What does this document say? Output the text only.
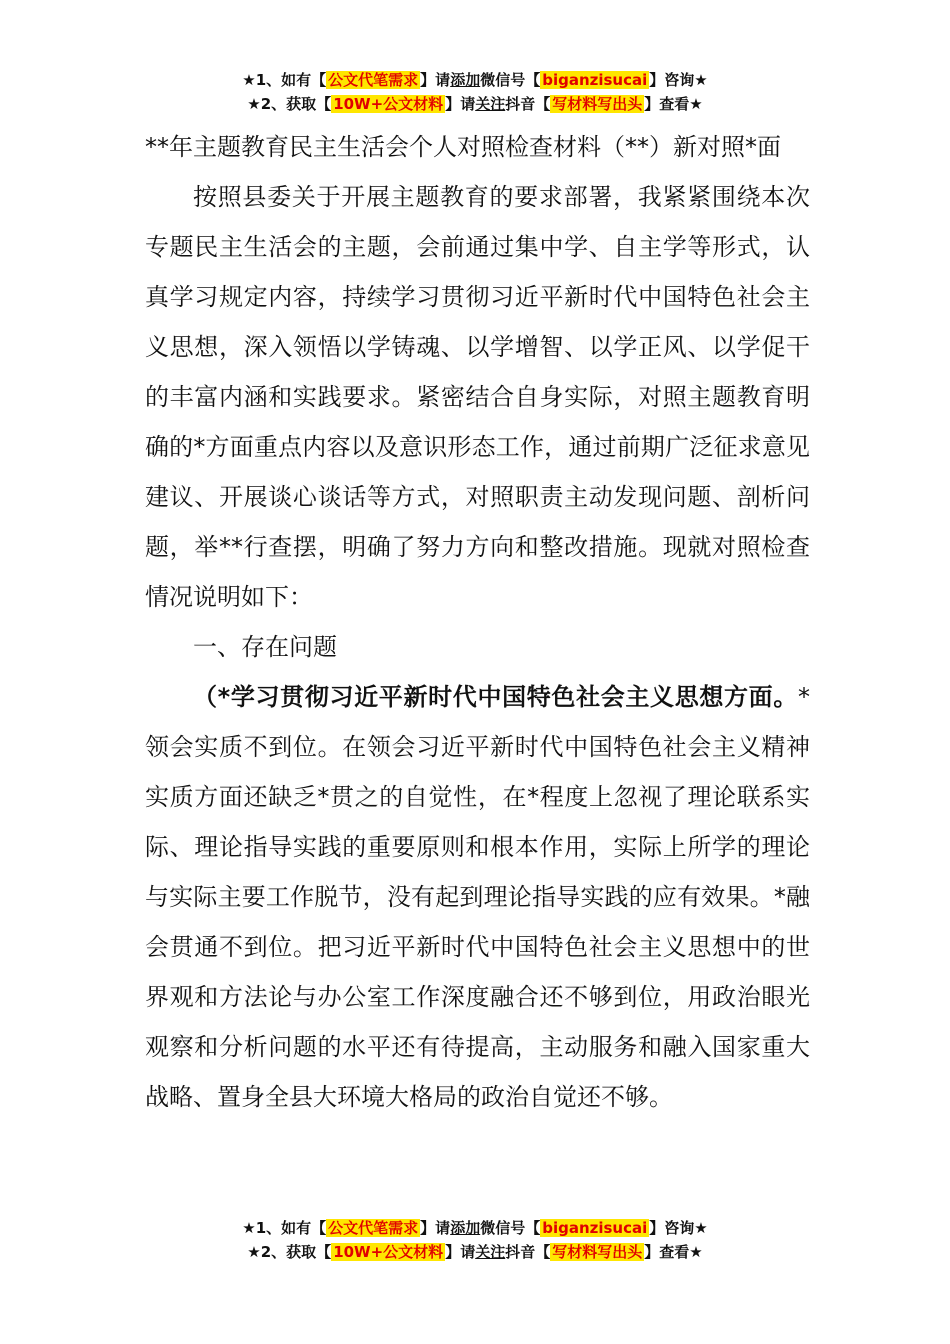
★1、如有【 公文代笔需求 】请添加微信号【 biganzisucai 】咨询★
★2、获取【 10W+公文材料 】请关注抖音【 写材料写出头 】查看★

**年主题教育民主生活会个人对照检查材料（**）新对照*面

按照县委关于开展主题教育的要求部署，我紧紧围绕本次专题民主生活会的主题，会前通过集中学、自主学等形式，认真学习规定内容，持续学习贯彻习近平新时代中国特色社会主义思想，深入领悟以学铸魂、以学增智、以学正风、以学促干的丰富内涵和实践要求。紧密结合自身实际，对照主题教育明确的*方面重点内容以及意识形态工作，通过前期广泛征求意见建议、开展谈心谈话等方式，对照职责主动发现问题、剖析问题，举**行查摆，明确了努力方向和整改措施。现就对照检查情况说明如下：

一、存在问题

（*学习贯彻习近平新时代中国特色社会主义思想方面。*领会实质不到位。在领会习近平新时代中国特色社会主义精神实质方面还缺乏*贯之的自觉性，在*程度上忽视了理论联系实际、理论指导实践的重要原则和根本作用，实际上所学的理论与实际主要工作脱节，没有起到理论指导实践的应有效果。*融会贯通不到位。把习近平新时代中国特色社会主义思想中的世界观和方法论与办公室工作深度融合还不够到位，用政治眼光观察和分析问题的水平还有待提高，主动服务和融入国家重大战略、置身全县大环境大格局的政治自觉还不够。

★1、如有【 公文代笔需求 】请添加微信号【 biganzisucai 】咨询★
★2、获取【 10W+公文材料 】请关注抖音【 写材料写出头 】查看★
